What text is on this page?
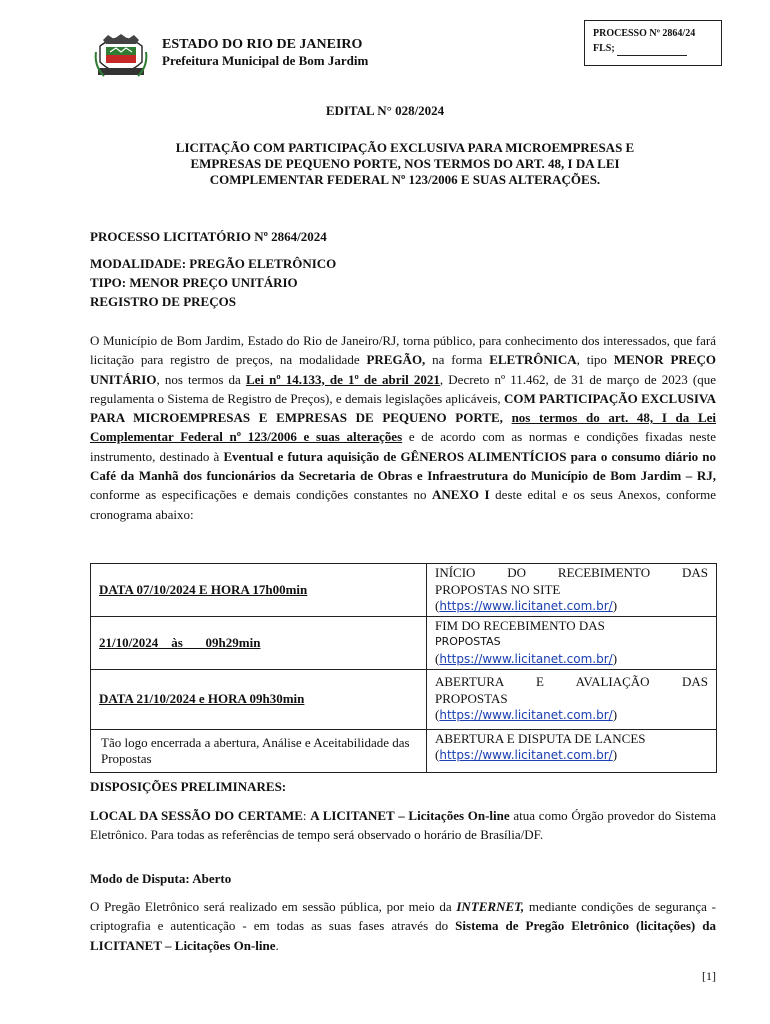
ESTADO DO RIO DE JANEIRO
Prefeitura Municipal de Bom Jardim
PROCESSO Nº 2864/24
FLS;
EDITAL N° 028/2024
LICITAÇÃO COM PARTICIPAÇÃO EXCLUSIVA PARA MICROEMPRESAS E
EMPRESAS DE PEQUENO PORTE, NOS TERMOS DO ART. 48, I DA LEI
COMPLEMENTAR FEDERAL Nº 123/2006 E SUAS ALTERAÇÕES.
PROCESSO LICITATÓRIO Nº 2864/2024
MODALIDADE: PREGÃO ELETRÔNICO
TIPO: MENOR PREÇO UNITÁRIO
REGISTRO DE PREÇOS
O Município de Bom Jardim, Estado do Rio de Janeiro/RJ, torna público, para conhecimento dos interessados, que fará licitação para registro de preços, na modalidade PREGÃO, na forma ELETRÔNICA, tipo MENOR PREÇO UNITÁRIO, nos termos da Lei nº 14.133, de 1º de abril 2021, Decreto nº 11.462, de 31 de março de 2023 (que regulamenta o Sistema de Registro de Preços), e demais legislações aplicáveis, COM PARTICIPAÇÃO EXCLUSIVA PARA MICROEMPRESAS E EMPRESAS DE PEQUENO PORTE, nos termos do art. 48, I da Lei Complementar Federal nº 123/2006 e suas alterações e de acordo com as normas e condições fixadas neste instrumento, destinado à Eventual e futura aquisição de GÊNEROS ALIMENTÍCIOS para o consumo diário no Café da Manhã dos funcionários da Secretaria de Obras e Infraestrutura do Município de Bom Jardim – RJ, conforme as especificações e demais condições constantes no ANEXO I deste edital e os seus Anexos, conforme cronograma abaixo:
DATA 07/10/2024 E HORA 17h00min	INÍCIO DO RECEBIMENTO DAS
PROPOSTAS NO SITE
(https://www.licitanet.com.br/)

21/10/2024    às       09h29min	FIM DO RECEBIMENTO DAS
PROPOSTAS
(https://www.licitanet.com.br/)

DATA 21/10/2024 e HORA 09h30min	ABERTURA E AVALIAÇÃO DAS
PROPOSTAS
(https://www.licitanet.com.br/)

Tão logo encerrada a abertura, Análise e Aceitabilidade das Propostas	ABERTURA E DISPUTA DE LANCES
(https://www.licitanet.com.br/)
DISPOSIÇÕES PRELIMINARES:
LOCAL DA SESSÃO DO CERTAME: A LICITANET – Licitações On-line atua como Órgão provedor do Sistema Eletrônico. Para todas as referências de tempo será observado o horário de Brasília/DF.
Modo de Disputa: Aberto
O Pregão Eletrônico será realizado em sessão pública, por meio da INTERNET, mediante condições de segurança - criptografia e autenticação - em todas as suas fases através do Sistema de Pregão Eletrônico (licitações) da LICITANET – Licitações On-line.
[1]
